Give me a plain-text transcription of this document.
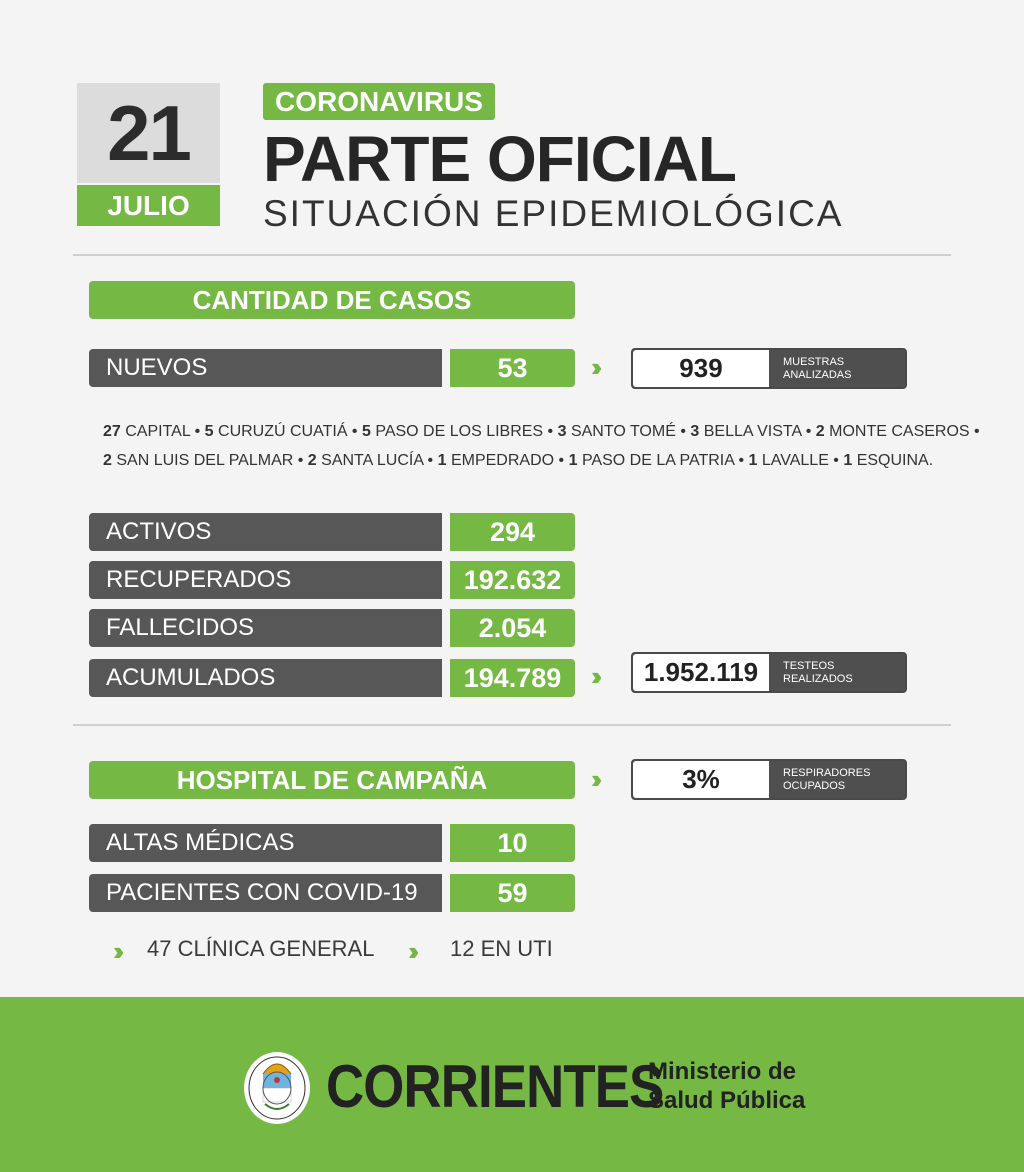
21
JULIO
CORONAVIRUS
PARTE OFICIAL
SITUACIÓN EPIDEMIOLÓGICA
CANTIDAD DE CASOS
NUEVOS	53	››	939	MUESTRAS
ANALIZADAS
27 CAPITAL • 5 CURUZÚ CUATIÁ • 5 PASO DE LOS LIBRES • 3 SANTO TOMÉ • 3 BELLA VISTA • 2 MONTE CASEROS •
2 SAN LUIS DEL PALMAR • 2 SANTA LUCÍA • 1 EMPEDRADO • 1 PASO DE LA PATRIA • 1 LAVALLE • 1 ESQUINA.
ACTIVOS	294
RECUPERADOS	192.632
FALLECIDOS	2.054
ACUMULADOS	194.789	››	1.952.119	TESTEOS
REALIZADOS
HOSPITAL DE CAMPAÑA	››	3%	RESPIRADORES
OCUPADOS
ALTAS MÉDICAS	10
PACIENTES CON COVID-19	59
›› 47 CLÍNICA GENERAL ›› 12 EN UTI
CORRIENTES
Ministerio de
Salud Pública
